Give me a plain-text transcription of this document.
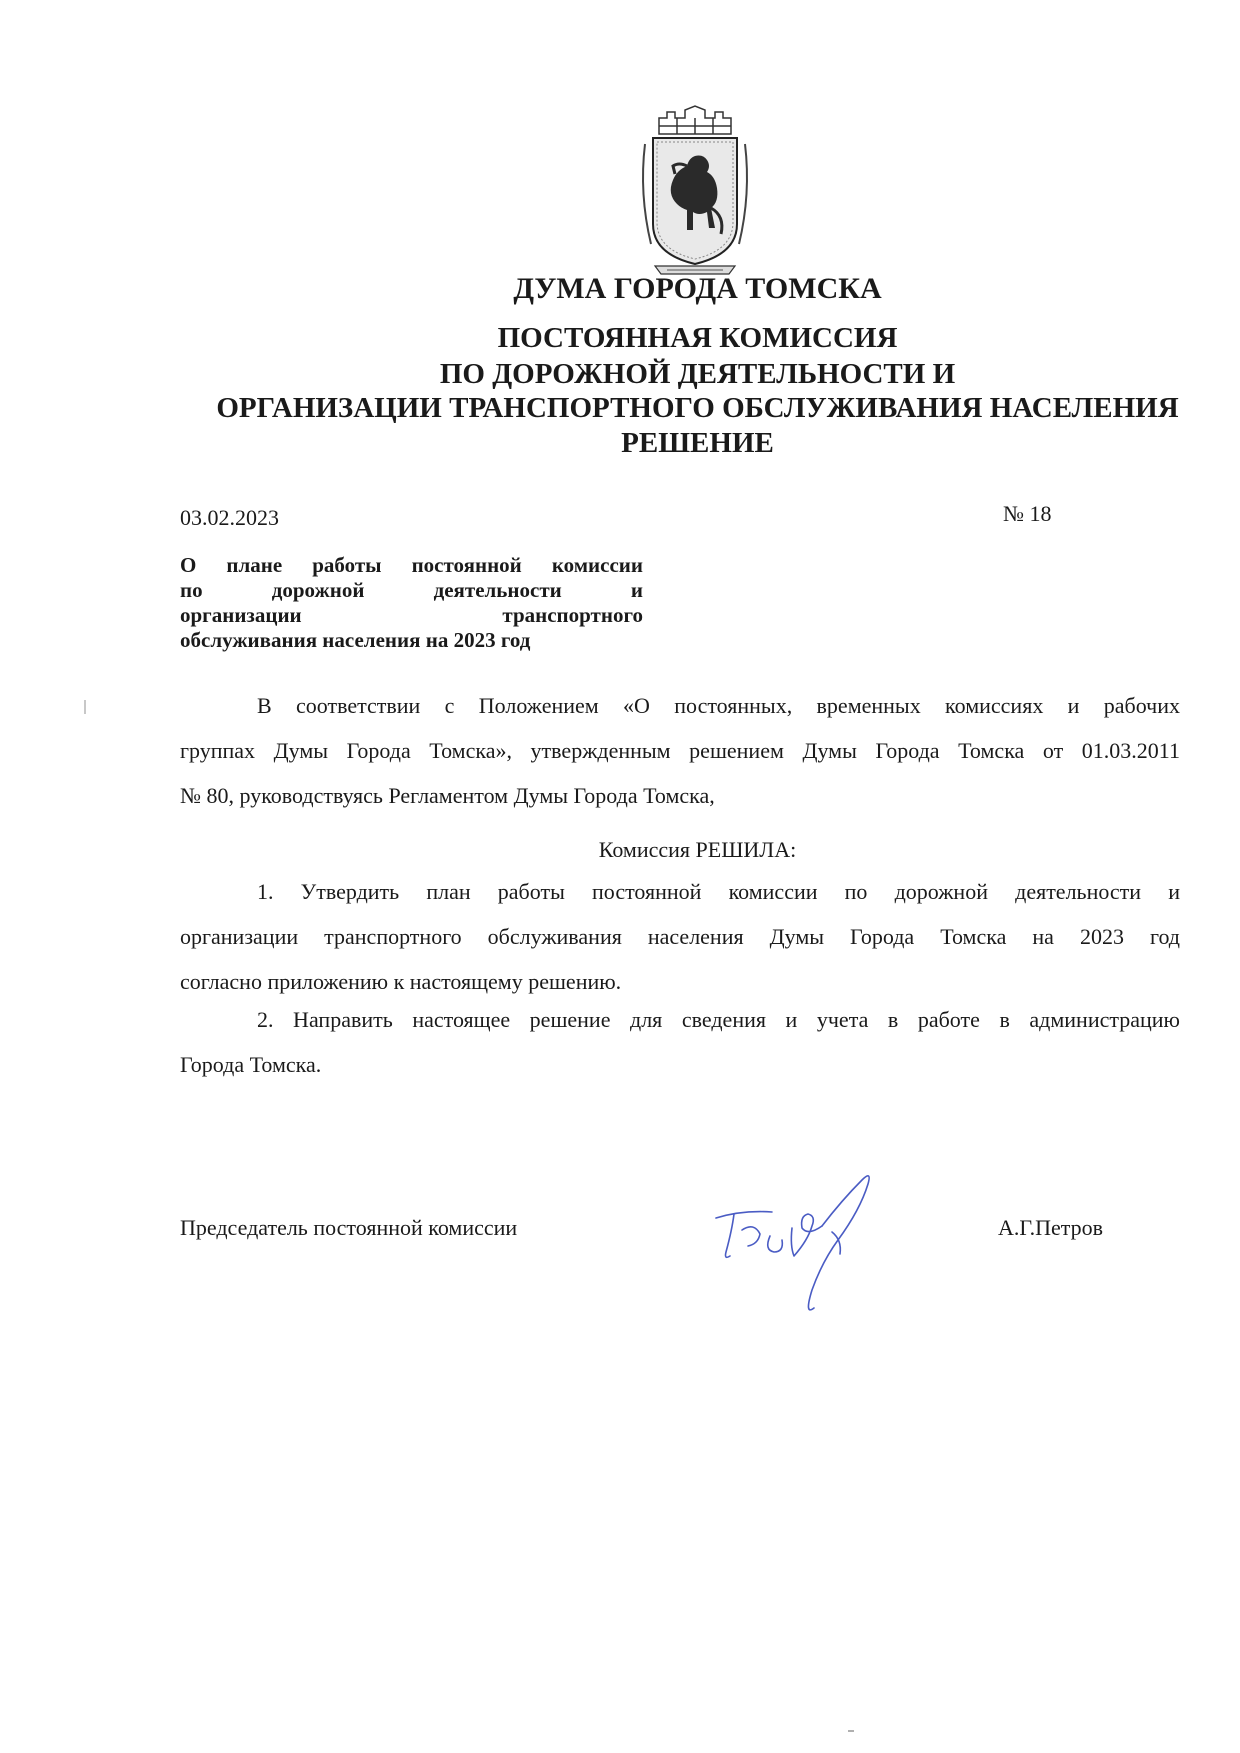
ДУМА ГОРОДА ТОМСКА
ПОСТОЯННАЯ КОМИССИЯ
ПО ДОРОЖНОЙ ДЕЯТЕЛЬНОСТИ И
ОРГАНИЗАЦИИ ТРАНСПОРТНОГО ОБСЛУЖИВАНИЯ НАСЕЛЕНИЯ
РЕШЕНИЕ
03.02.2023	№ 18
О плане работы постоянной комиссии
по дорожной деятельности и
организации транспортного
обслуживания населения на 2023 год
В соответствии с Положением «О постоянных, временных комиссиях и рабочих
группах Думы Города Томска», утвержденным решением Думы Города Томска от 01.03.2011
№ 80, руководствуясь Регламентом Думы Города Томска,
Комиссия РЕШИЛА:
1. Утвердить план работы постоянной комиссии по дорожной деятельности и
организации транспортного обслуживания населения Думы Города Томска на 2023 год
согласно приложению к настоящему решению.
2. Направить настоящее решение для сведения и учета в работе в администрацию
Города Томска.
Председатель постоянной комиссии	А.Г.Петров
